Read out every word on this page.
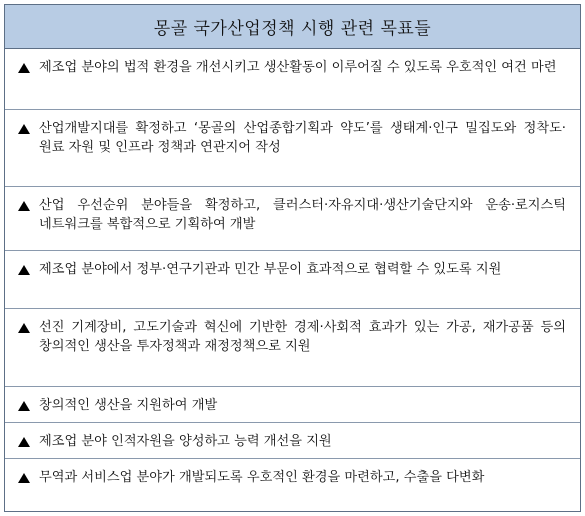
몽골 국가산업정책 시행 관련 목표들
제조업 분야의 법적 환경을 개선시키고 생산활동이 이루어질 수 있도록 우호적인 여건 마련
산업개발지대를 확정하고 ‘몽골의 산업종합기획과 약도’를 생태계·인구 밀집도와 정착도·원료 자원 및 인프라 정책과 연관지어 작성
산업 우선순위 분야들을 확정하고, 클러스터·자유지대·생산기술단지와 운송·로지스틱 네트워크를 복합적으로 기획하여 개발
제조업 분야에서 정부·연구기관과 민간 부문이 효과적으로 협력할 수 있도록 지원
선진 기계장비, 고도기술과 혁신에 기반한 경제·사회적 효과가 있는 가공, 재가공품 등의 창의적인 생산을 투자정책과 재정정책으로 지원
창의적인 생산을 지원하여 개발
제조업 분야 인적자원을 양성하고 능력 개선을 지원
무역과 서비스업 분야가 개발되도록 우호적인 환경을 마련하고, 수출을 다변화
